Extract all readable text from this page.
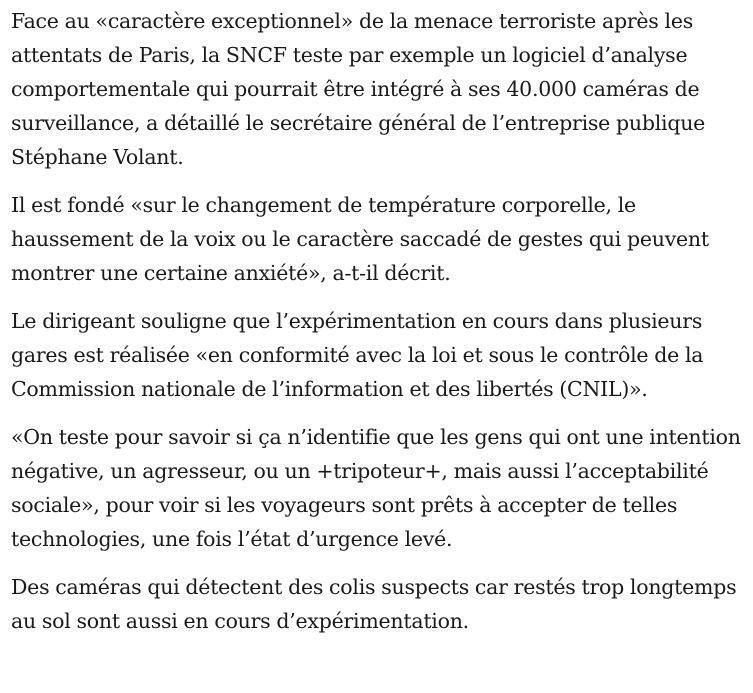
Face au «caractère exceptionnel» de la menace terroriste après les
attentats de Paris, la SNCF teste par exemple un logiciel d’analyse
comportementale qui pourrait être intégré à ses 40.000 caméras de
surveillance, a détaillé le secrétaire général de l’entreprise publique
Stéphane Volant.

Il est fondé «sur le changement de température corporelle, le
haussement de la voix ou le caractère saccadé de gestes qui peuvent
montrer une certaine anxiété», a-t-il décrit.

Le dirigeant souligne que l’expérimentation en cours dans plusieurs
gares est réalisée «en conformité avec la loi et sous le contrôle de la
Commission nationale de l’information et des libertés (CNIL)».

«On teste pour savoir si ça n’identifie que les gens qui ont une intention
négative, un agresseur, ou un +tripoteur+, mais aussi l’acceptabilité
sociale», pour voir si les voyageurs sont prêts à accepter de telles
technologies, une fois l’état d’urgence levé.

Des caméras qui détectent des colis suspects car restés trop longtemps
au sol sont aussi en cours d’expérimentation.
